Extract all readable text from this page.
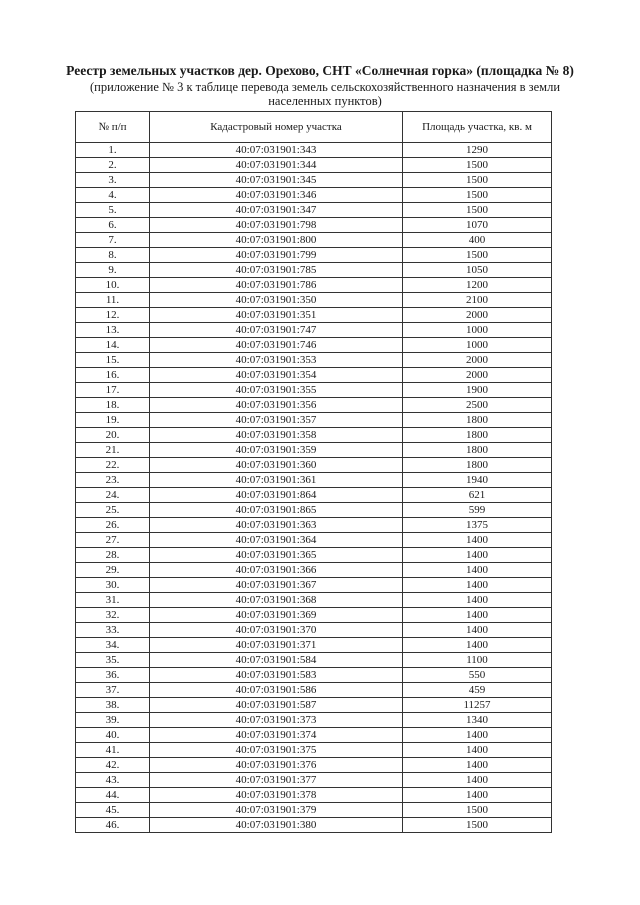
Реестр земельных участков дер. Орехово, СНТ «Солнечная горка» (площадка № 8)
(приложение № 3 к таблице перевода земель сельскохозяйственного назначения в земли населенных пунктов)
№ п/п	Кадастровый номер участка	Площадь участка, кв. м
1.	40:07:031901:343	1290
2.	40:07:031901:344	1500
3.	40:07:031901:345	1500
4.	40:07:031901:346	1500
5.	40:07:031901:347	1500
6.	40:07:031901:798	1070
7.	40:07:031901:800	400
8.	40:07:031901:799	1500
9.	40:07:031901:785	1050
10.	40:07:031901:786	1200
11.	40:07:031901:350	2100
12.	40:07:031901:351	2000
13.	40:07:031901:747	1000
14.	40:07:031901:746	1000
15.	40:07:031901:353	2000
16.	40:07:031901:354	2000
17.	40:07:031901:355	1900
18.	40:07:031901:356	2500
19.	40:07:031901:357	1800
20.	40:07:031901:358	1800
21.	40:07:031901:359	1800
22.	40:07:031901:360	1800
23.	40:07:031901:361	1940
24.	40:07:031901:864	621
25.	40:07:031901:865	599
26.	40:07:031901:363	1375
27.	40:07:031901:364	1400
28.	40:07:031901:365	1400
29.	40:07:031901:366	1400
30.	40:07:031901:367	1400
31.	40:07:031901:368	1400
32.	40:07:031901:369	1400
33.	40:07:031901:370	1400
34.	40:07:031901:371	1400
35.	40:07:031901:584	1100
36.	40:07:031901:583	550
37.	40:07:031901:586	459
38.	40:07:031901:587	11257
39.	40:07:031901:373	1340
40.	40:07:031901:374	1400
41.	40:07:031901:375	1400
42.	40:07:031901:376	1400
43.	40:07:031901:377	1400
44.	40:07:031901:378	1400
45.	40:07:031901:379	1500
46.	40:07:031901:380	1500
